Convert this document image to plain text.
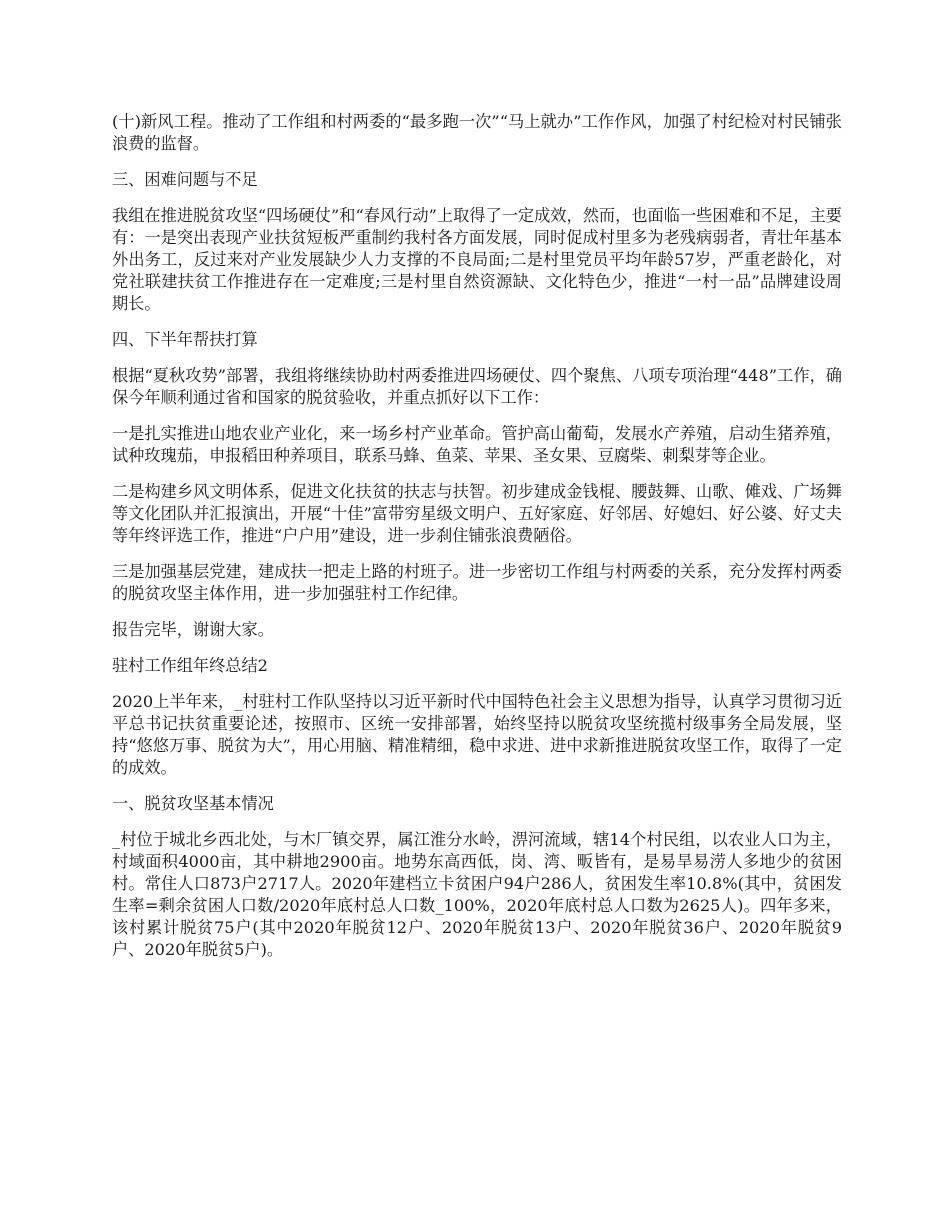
(十)新风工程。推动了工作组和村两委的“最多跑一次”“马上就办”工作作风，加强了村纪检对村民铺张浪费的监督。

三、困难问题与不足

我组在推进脱贫攻坚“四场硬仗”和“春风行动”上取得了一定成效，然而，也面临一些困难和不足，主要有：一是突出表现产业扶贫短板严重制约我村各方面发展，同时促成村里多为老残病弱者，青壮年基本外出务工，反过来对产业发展缺少人力支撑的不良局面;二是村里党员平均年龄57岁，严重老龄化，对党社联建扶贫工作推进存在一定难度;三是村里自然资源缺、文化特色少，推进“一村一品”品牌建设周期长。

四、下半年帮扶打算

根据“夏秋攻势”部署，我组将继续协助村两委推进四场硬仗、四个聚焦、八项专项治理“448”工作，确保今年顺利通过省和国家的脱贫验收，并重点抓好以下工作：

一是扎实推进山地农业产业化，来一场乡村产业革命。管护高山葡萄，发展水产养殖，启动生猪养殖，试种玫瑰茄，申报稻田种养项目，联系马蜂、鱼菜、苹果、圣女果、豆腐柴、刺梨芽等企业。

二是构建乡风文明体系，促进文化扶贫的扶志与扶智。初步建成金钱棍、腰鼓舞、山歌、傩戏、广场舞等文化团队并汇报演出，开展“十佳”富带穷星级文明户、五好家庭、好邻居、好媳妇、好公婆、好丈夫等年终评选工作，推进“户户用”建设，进一步刹住铺张浪费陋俗。

三是加强基层党建，建成扶一把走上路的村班子。进一步密切工作组与村两委的关系，充分发挥村两委的脱贫攻坚主体作用，进一步加强驻村工作纪律。

报告完毕，谢谢大家。

驻村工作组年终总结2

2020上半年来，_村驻村工作队坚持以习近平新时代中国特色社会主义思想为指导，认真学习贯彻习近平总书记扶贫重要论述，按照市、区统一安排部署，始终坚持以脱贫攻坚统揽村级事务全局发展，坚持“悠悠万事、脱贫为大”，用心用脑、精准精细，稳中求进、进中求新推进脱贫攻坚工作，取得了一定的成效。

一、脱贫攻坚基本情况

_村位于城北乡西北处，与木厂镇交界，属江淮分水岭，淠河流域，辖14个村民组，以农业人口为主，村域面积4000亩，其中耕地2900亩。地势东高西低，岗、湾、畈皆有，是易旱易涝人多地少的贫困村。常住人口873户2717人。2020年建档立卡贫困户94户286人，贫困发生率10.8%(其中，贫困发生率=剩余贫困人口数/2020年底村总人口数_100%，2020年底村总人口数为2625人)。四年多来，该村累计脱贫75户(其中2020年脱贫12户、2020年脱贫13户、2020年脱贫36户、2020年脱贫9户、2020年脱贫5户)。
